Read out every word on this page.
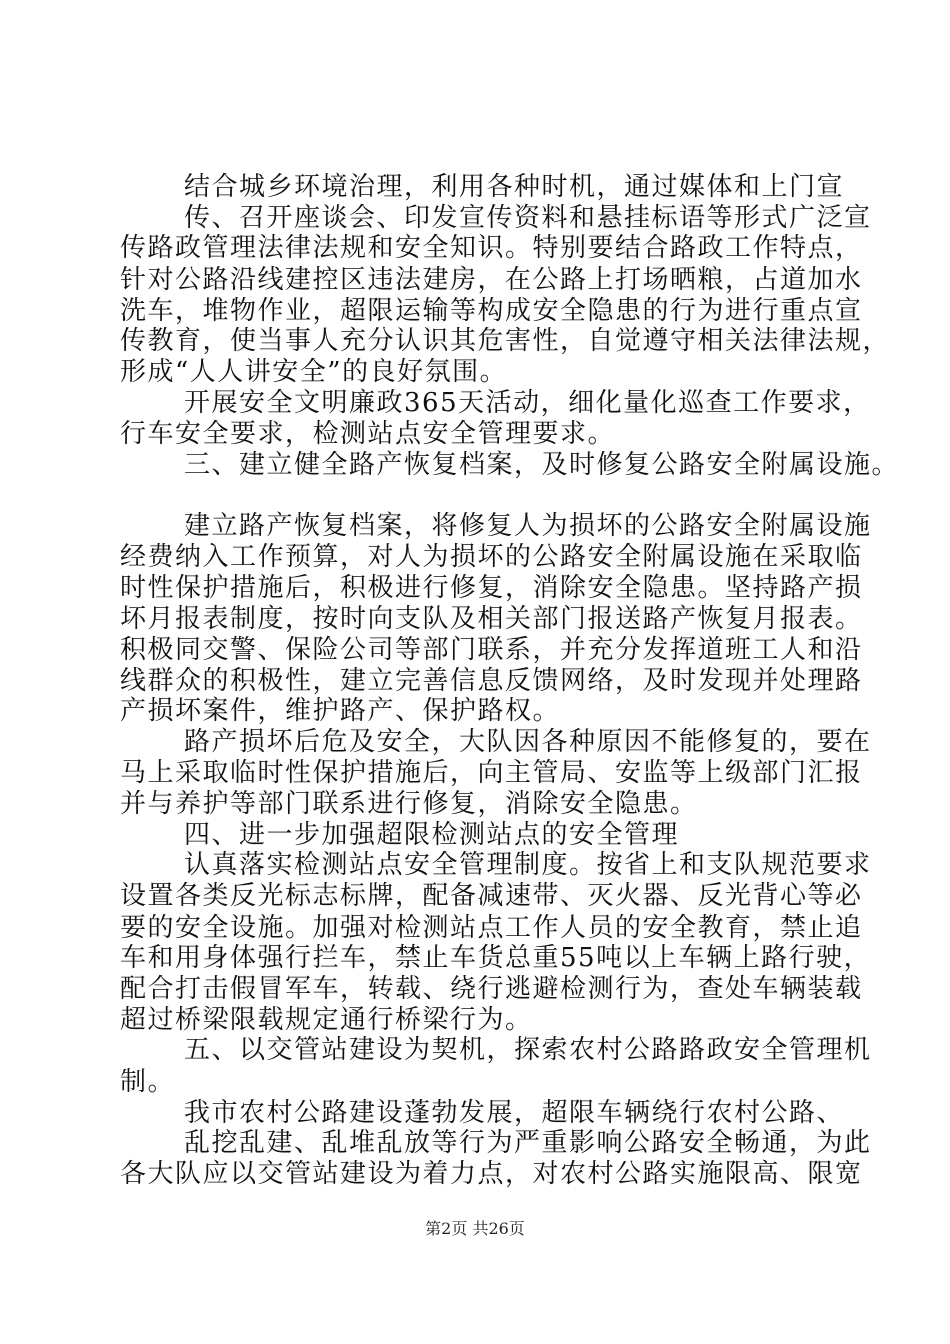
结合城乡环境治理，利用各种时机，通过媒体和上门宣
传、召开座谈会、印发宣传资料和悬挂标语等形式广泛宣
传路政管理法律法规和安全知识。特别要结合路政工作特点，
针对公路沿线建控区违法建房，在公路上打场晒粮，占道加水
洗车，堆物作业，超限运输等构成安全隐患的行为进行重点宣
传教育，使当事人充分认识其危害性，自觉遵守相关法律法规，
形成“人人讲安全”的良好氛围。
开展安全文明廉政365天活动，细化量化巡查工作要求，
行车安全要求，检测站点安全管理要求。
三、建立健全路产恢复档案，及时修复公路安全附属设施。
建立路产恢复档案，将修复人为损坏的公路安全附属设施
经费纳入工作预算，对人为损坏的公路安全附属设施在采取临
时性保护措施后，积极进行修复，消除安全隐患。坚持路产损
坏月报表制度，按时向支队及相关部门报送路产恢复月报表。
积极同交警、保险公司等部门联系，并充分发挥道班工人和沿
线群众的积极性，建立完善信息反馈网络，及时发现并处理路
产损坏案件，维护路产、保护路权。
路产损坏后危及安全，大队因各种原因不能修复的，要在
马上采取临时性保护措施后，向主管局、安监等上级部门汇报
并与养护等部门联系进行修复，消除安全隐患。
四、进一步加强超限检测站点的安全管理
认真落实检测站点安全管理制度。按省上和支队规范要求
设置各类反光标志标牌，配备减速带、灭火器、反光背心等必
要的安全设施。加强对检测站点工作人员的安全教育，禁止追
车和用身体强行拦车，禁止车货总重55吨以上车辆上路行驶，
配合打击假冒军车，转载、绕行逃避检测行为，查处车辆装载
超过桥梁限载规定通行桥梁行为。
五、以交管站建设为契机，探索农村公路路政安全管理机
制。
我市农村公路建设蓬勃发展，超限车辆绕行农村公路、
乱挖乱建、乱堆乱放等行为严重影响公路安全畅通，为此
各大队应以交管站建设为着力点，对农村公路实施限高、限宽
第2页 共26页
